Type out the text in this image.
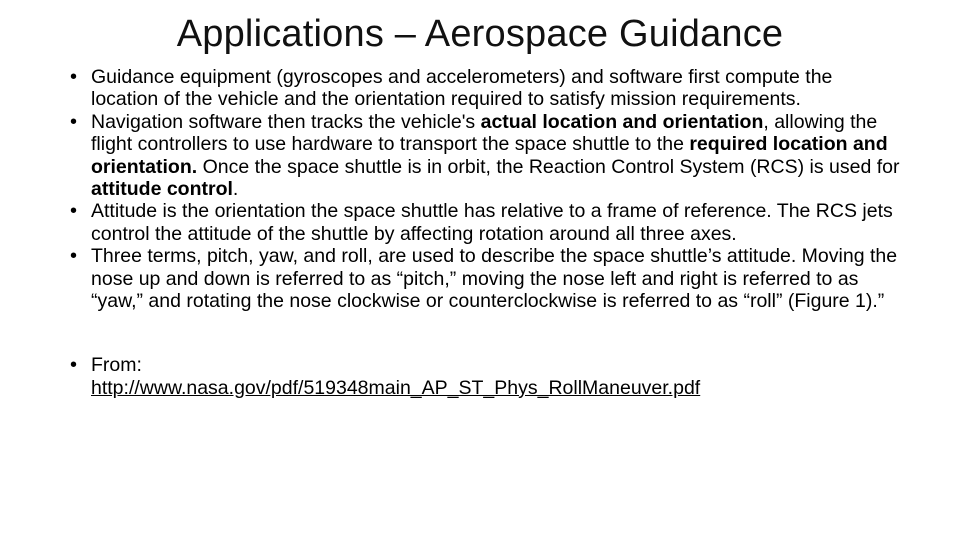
Applications – Aerospace Guidance
• Guidance equipment (gyroscopes and accelerometers) and software first compute the location of the vehicle and the orientation required to satisfy mission requirements.
• Navigation software then tracks the vehicle's actual location and orientation, allowing the flight controllers to use hardware to transport the space shuttle to the required location and orientation. Once the space shuttle is in orbit, the Reaction Control System (RCS) is used for attitude control.
• Attitude is the orientation the space shuttle has relative to a frame of reference. The RCS jets control the attitude of the shuttle by affecting rotation around all three axes.
• Three terms, pitch, yaw, and roll, are used to describe the space shuttle’s attitude. Moving the nose up and down is referred to as “pitch,” moving the nose left and right is referred to as “yaw,” and rotating the nose clockwise or counterclockwise is referred to as “roll” (Figure 1).”
• From:
http://www.nasa.gov/pdf/519348main_AP_ST_Phys_RollManeuver.pdf
